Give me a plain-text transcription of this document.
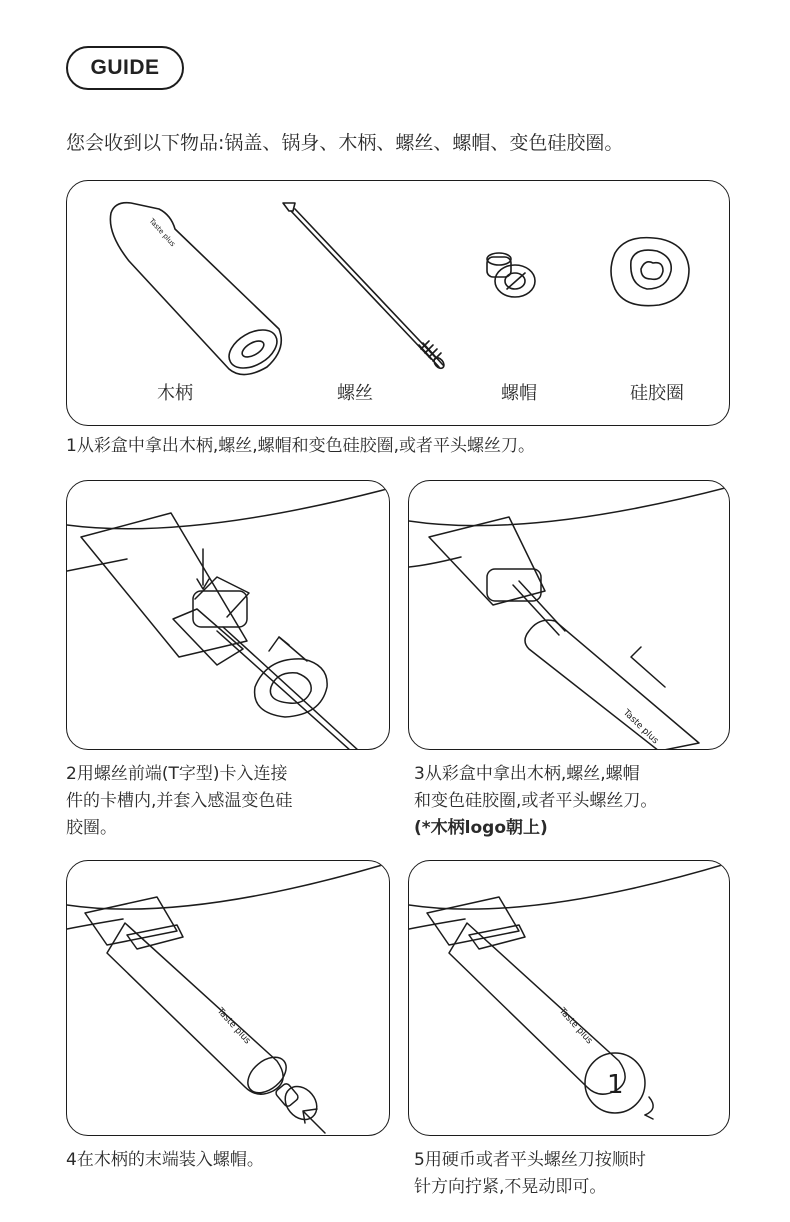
GUIDE
您会收到以下物品:锅盖、锅身、木柄、螺丝、螺帽、变色硅胶圈。
Taste plus
木柄	螺丝	螺帽	硅胶圈
1从彩盒中拿出木柄,螺丝,螺帽和变色硅胶圈,或者平头螺丝刀。
Taste plus
2用螺丝前端(T字型)卡入连接
件的卡槽内,并套入感温变色硅
胶圈。
3从彩盒中拿出木柄,螺丝,螺帽
和变色硅胶圈,或者平头螺丝刀。
(*木柄logo朝上)
Taste plus	Taste plus
1
4在木柄的末端装入螺帽。	5用硬币或者平头螺丝刀按顺时
针方向拧紧,不晃动即可。
